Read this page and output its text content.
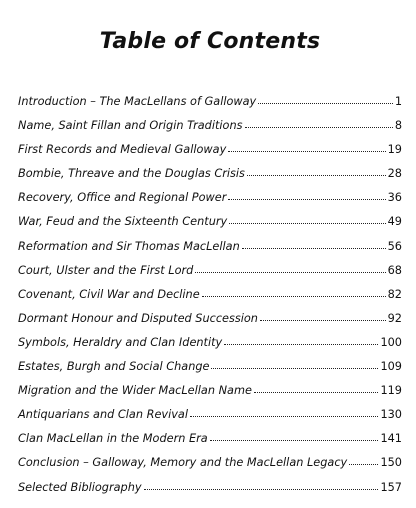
Table of Contents
Introduction – The MacLellans of Galloway	1
Name, Saint Fillan and Origin Traditions	8
First Records and Medieval Galloway	19
Bombie, Threave and the Douglas Crisis	28
Recovery, Office and Regional Power	36
War, Feud and the Sixteenth Century	49
Reformation and Sir Thomas MacLellan	56
Court, Ulster and the First Lord	68
Covenant, Civil War and Decline	82
Dormant Honour and Disputed Succession	92
Symbols, Heraldry and Clan Identity	100
Estates, Burgh and Social Change	109
Migration and the Wider MacLellan Name	119
Antiquarians and Clan Revival	130
Clan MacLellan in the Modern Era	141
Conclusion – Galloway, Memory and the MacLellan Legacy	150
Selected Bibliography	157
